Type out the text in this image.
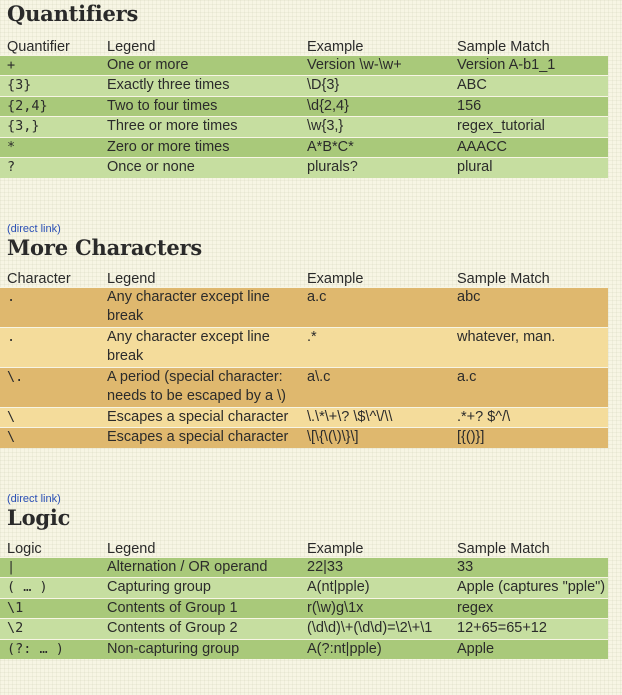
Quantifiers
Quantifier	Legend	Example	Sample Match
+	One or more	Version \w-\w+	Version A-b1_1
{3}	Exactly three times	\D{3}	ABC
{2,4}	Two to four times	\d{2,4}	156
{3,}	Three or more times	\w{3,}	regex_tutorial
*	Zero or more times	A*B*C*	AAACC
?	Once or none	plurals?	plural
(direct link)
More Characters
Character	Legend	Example	Sample Match
.	Any character except line break	a.c	abc
.	Any character except line break	.*	whatever, man.
\.	A period (special character: needs to be escaped by a \)	a\.c	a.c
\	Escapes a special character	\.\*\+\? \$\^\/\\	.*+? $^/\
\	Escapes a special character	\[\{\(\)\}\]	[{()}]
(direct link)
Logic
Logic	Legend	Example	Sample Match
|	Alternation / OR operand	22|33	33
( … )	Capturing group	A(nt|pple)	Apple (captures "pple")
\1	Contents of Group 1	r(\w)g\1x	regex
\2	Contents of Group 2	(\d\d)\+(\d\d)=\2\+\1	12+65=65+12
(?: … )	Non-capturing group	A(?:nt|pple)	Apple
